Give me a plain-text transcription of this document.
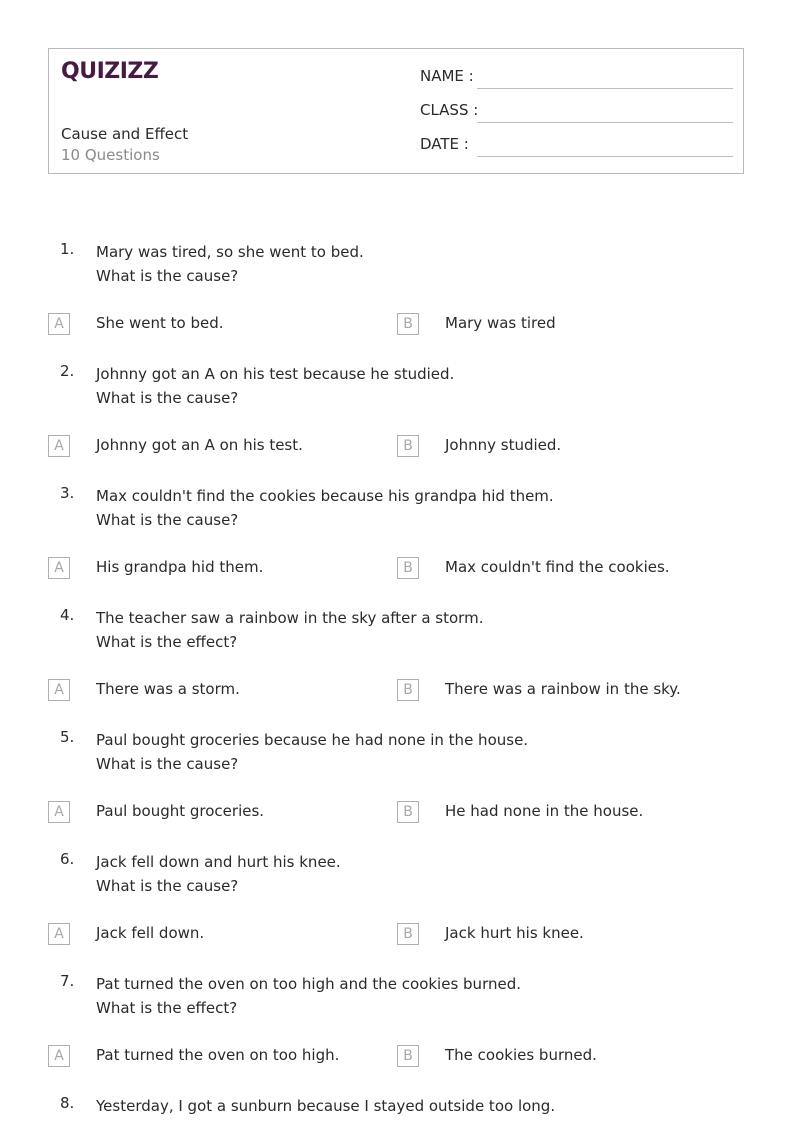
QUIZIZZ
Cause and Effect
10 Questions
NAME :
CLASS :
DATE :
1. Mary was tired, so she went to bed.
What is the cause?
A	She went to bed.	B	Mary was tired
2. Johnny got an A on his test because he studied.
What is the cause?
A	Johnny got an A on his test.	B	Johnny studied.
3. Max couldn't find the cookies because his grandpa hid them.
What is the cause?
A	His grandpa hid them.	B	Max couldn't find the cookies.
4. The teacher saw a rainbow in the sky after a storm.
What is the effect?
A	There was a storm.	B	There was a rainbow in the sky.
5. Paul bought groceries because he had none in the house.
What is the cause?
A	Paul bought groceries.	B	He had none in the house.
6. Jack fell down and hurt his knee.
What is the cause?
A	Jack fell down.	B	Jack hurt his knee.
7. Pat turned the oven on too high and the cookies burned.
What is the effect?
A	Pat turned the oven on too high.	B	The cookies burned.
8. Yesterday, I got a sunburn because I stayed outside too long.
